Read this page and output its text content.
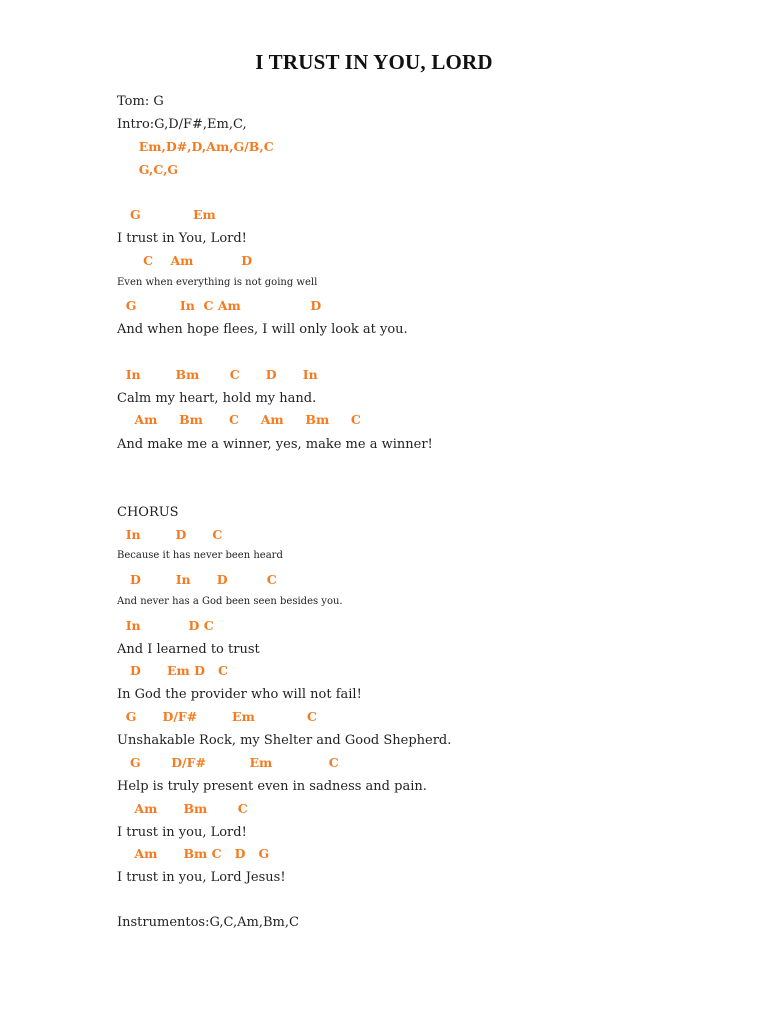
I TRUST IN YOU, LORD
Tom: G
Intro:G,D/F#,Em,C,
Em,D#,D,Am,G/B,C
G,C,G
G            Em
I trust in You, Lord!
C    Am           D
Even when everything is not going well
G          In  C Am                D
And when hope flees, I will only look at you.
In        Bm       C      D      In
Calm my heart, hold my hand.
Am     Bm      C     Am     Bm     C
And make me a winner, yes, make me a winner!
CHORUS
In        D      C
Because it has never been heard
D        In      D         C
And never has a God been seen besides you.
In           D C
And I learned to trust
D      Em D   C
In God the provider who will not fail!
G      D/F#        Em            C
Unshakable Rock, my Shelter and Good Shepherd.
G       D/F#          Em             C
Help is truly present even in sadness and pain.
Am      Bm       C
I trust in you, Lord!
Am      Bm C   D   G
I trust in you, Lord Jesus!
Instrumentos:G,C,Am,Bm,C
